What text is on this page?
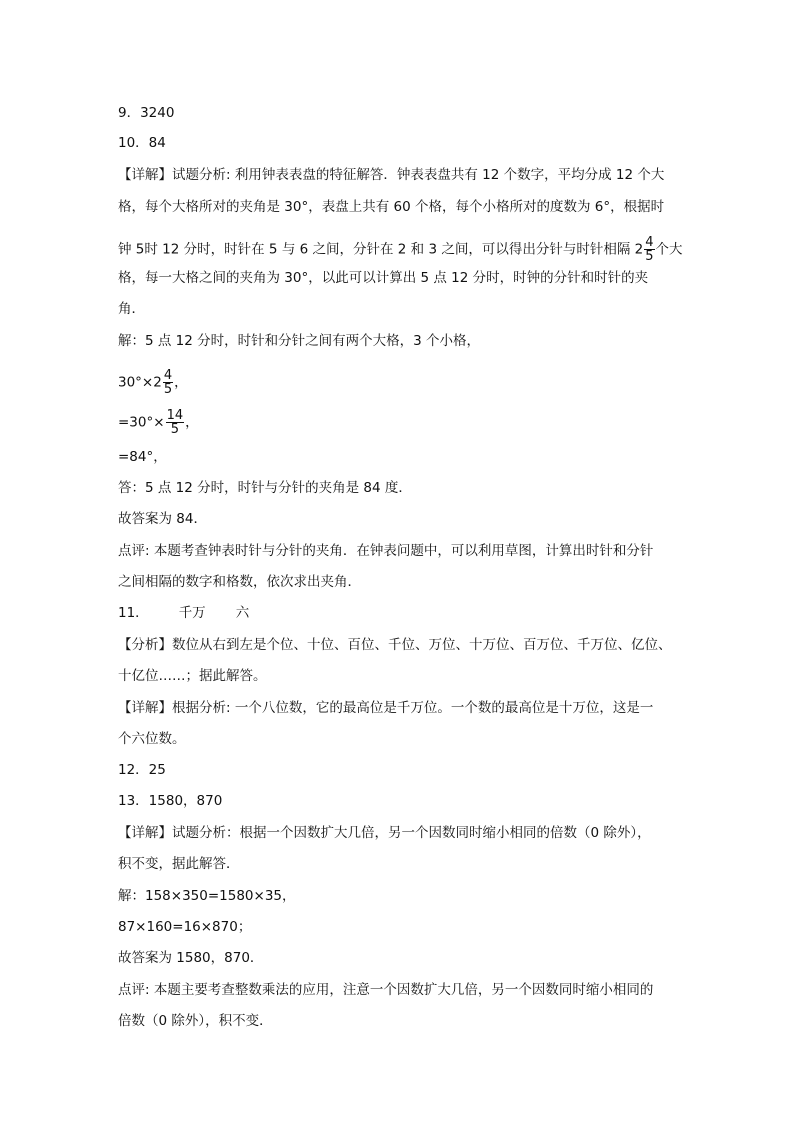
9．3240
10．84
【详解】试题分析: 利用钟表表盘的特征解答．钟表表盘共有 12 个数字，平均分成 12 个大
格，每个大格所对的夹角是 30°，表盘上共有 60 个格，每个小格所对的度数为 6°，根据时
钟 5时 12 分时，时针在 5 与 6 之间，分针在 2 和 3 之间，可以得出分针与时针相隔 $2 \frac{4}{5}$ 个大
格，每一大格之间的夹角为 30°，以此可以计算出 5 点 12 分时，时钟的分针和时针的夹
角．
解：5 点 12 分时，时针和分针之间有两个大格，3 个小格，
$30^\circ\times 2 \frac{4}{5}$ ，
$=30^\circ\times \frac{14}{5}$ ，
=84°，
答：5 点 12 分时，时针与分针的夹角是 84 度．
故答案为 84．
点评: 本题考查钟表时针与分针的夹角．在钟表问题中，可以利用草图，计算出时针和分针
之间相隔的数字和格数，依次求出夹角．
11． 千万 六
【分析】数位从右到左是个位、十位、百位、千位、万位、十万位、百万位、千万位、亿位、
十亿位……；据此解答。
【详解】根据分析: 一个八位数，它的最高位是千万位。一个数的最高位是十万位，这是一
个六位数。
12．25
13．1580，870
【详解】试题分析：根据一个因数扩大几倍，另一个因数同时缩小相同的倍数（0 除外），
积不变，据此解答．
解：158×350=1580×35，
87×160=16×870；
故答案为 1580，870．
点评: 本题主要考查整数乘法的应用，注意一个因数扩大几倍，另一个因数同时缩小相同的
倍数（0 除外），积不变．
